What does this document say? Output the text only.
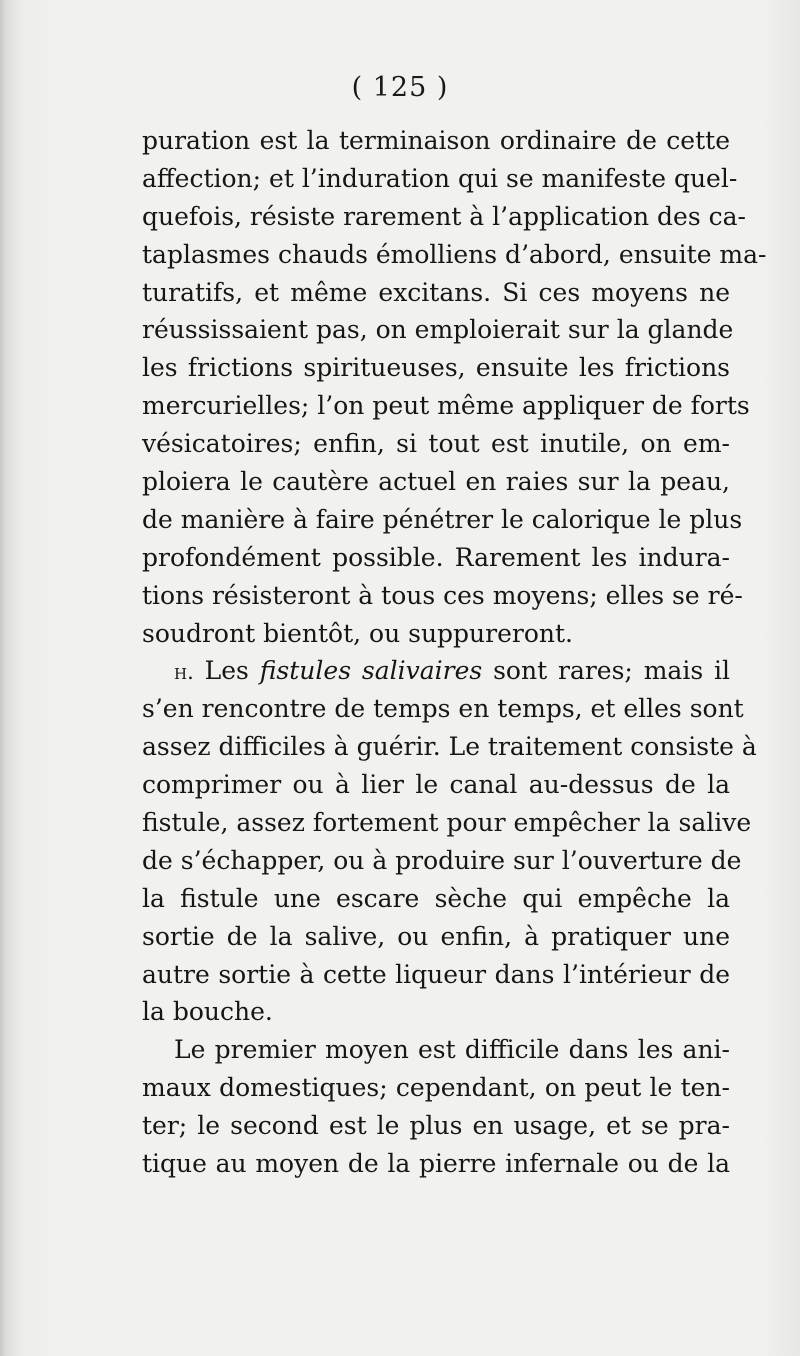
( 125 )
puration est la terminaison ordinaire de cette
affection; et l’induration qui se manifeste quel-
quefois, résiste rarement à l’application des ca-
taplasmes chauds émolliens d’abord, ensuite ma-
turatifs, et même excitans. Si ces moyens ne
réussissaient pas, on emploierait sur la glande
les frictions spiritueuses, ensuite les frictions
mercurielles; l’on peut même appliquer de forts
vésicatoires; enfin, si tout est inutile, on em-
ploiera le cautère actuel en raies sur la peau,
de manière à faire pénétrer le calorique le plus
profondément possible. Rarement les indura-
tions résisteront à tous ces moyens; elles se ré-
soudront bientôt, ou suppureront.
h. Les fistules salivaires sont rares; mais il
s’en rencontre de temps en temps, et elles sont
assez difficiles à guérir. Le traitement consiste à
comprimer ou à lier le canal au-dessus de la
fistule, assez fortement pour empêcher la salive
de s’échapper, ou à produire sur l’ouverture de
la fistule une escare sèche qui empêche la
sortie de la salive, ou enfin, à pratiquer une
autre sortie à cette liqueur dans l’intérieur de
la bouche.
Le premier moyen est difficile dans les ani-
maux domestiques; cependant, on peut le ten-
ter; le second est le plus en usage, et se pra-
tique au moyen de la pierre infernale ou de la
